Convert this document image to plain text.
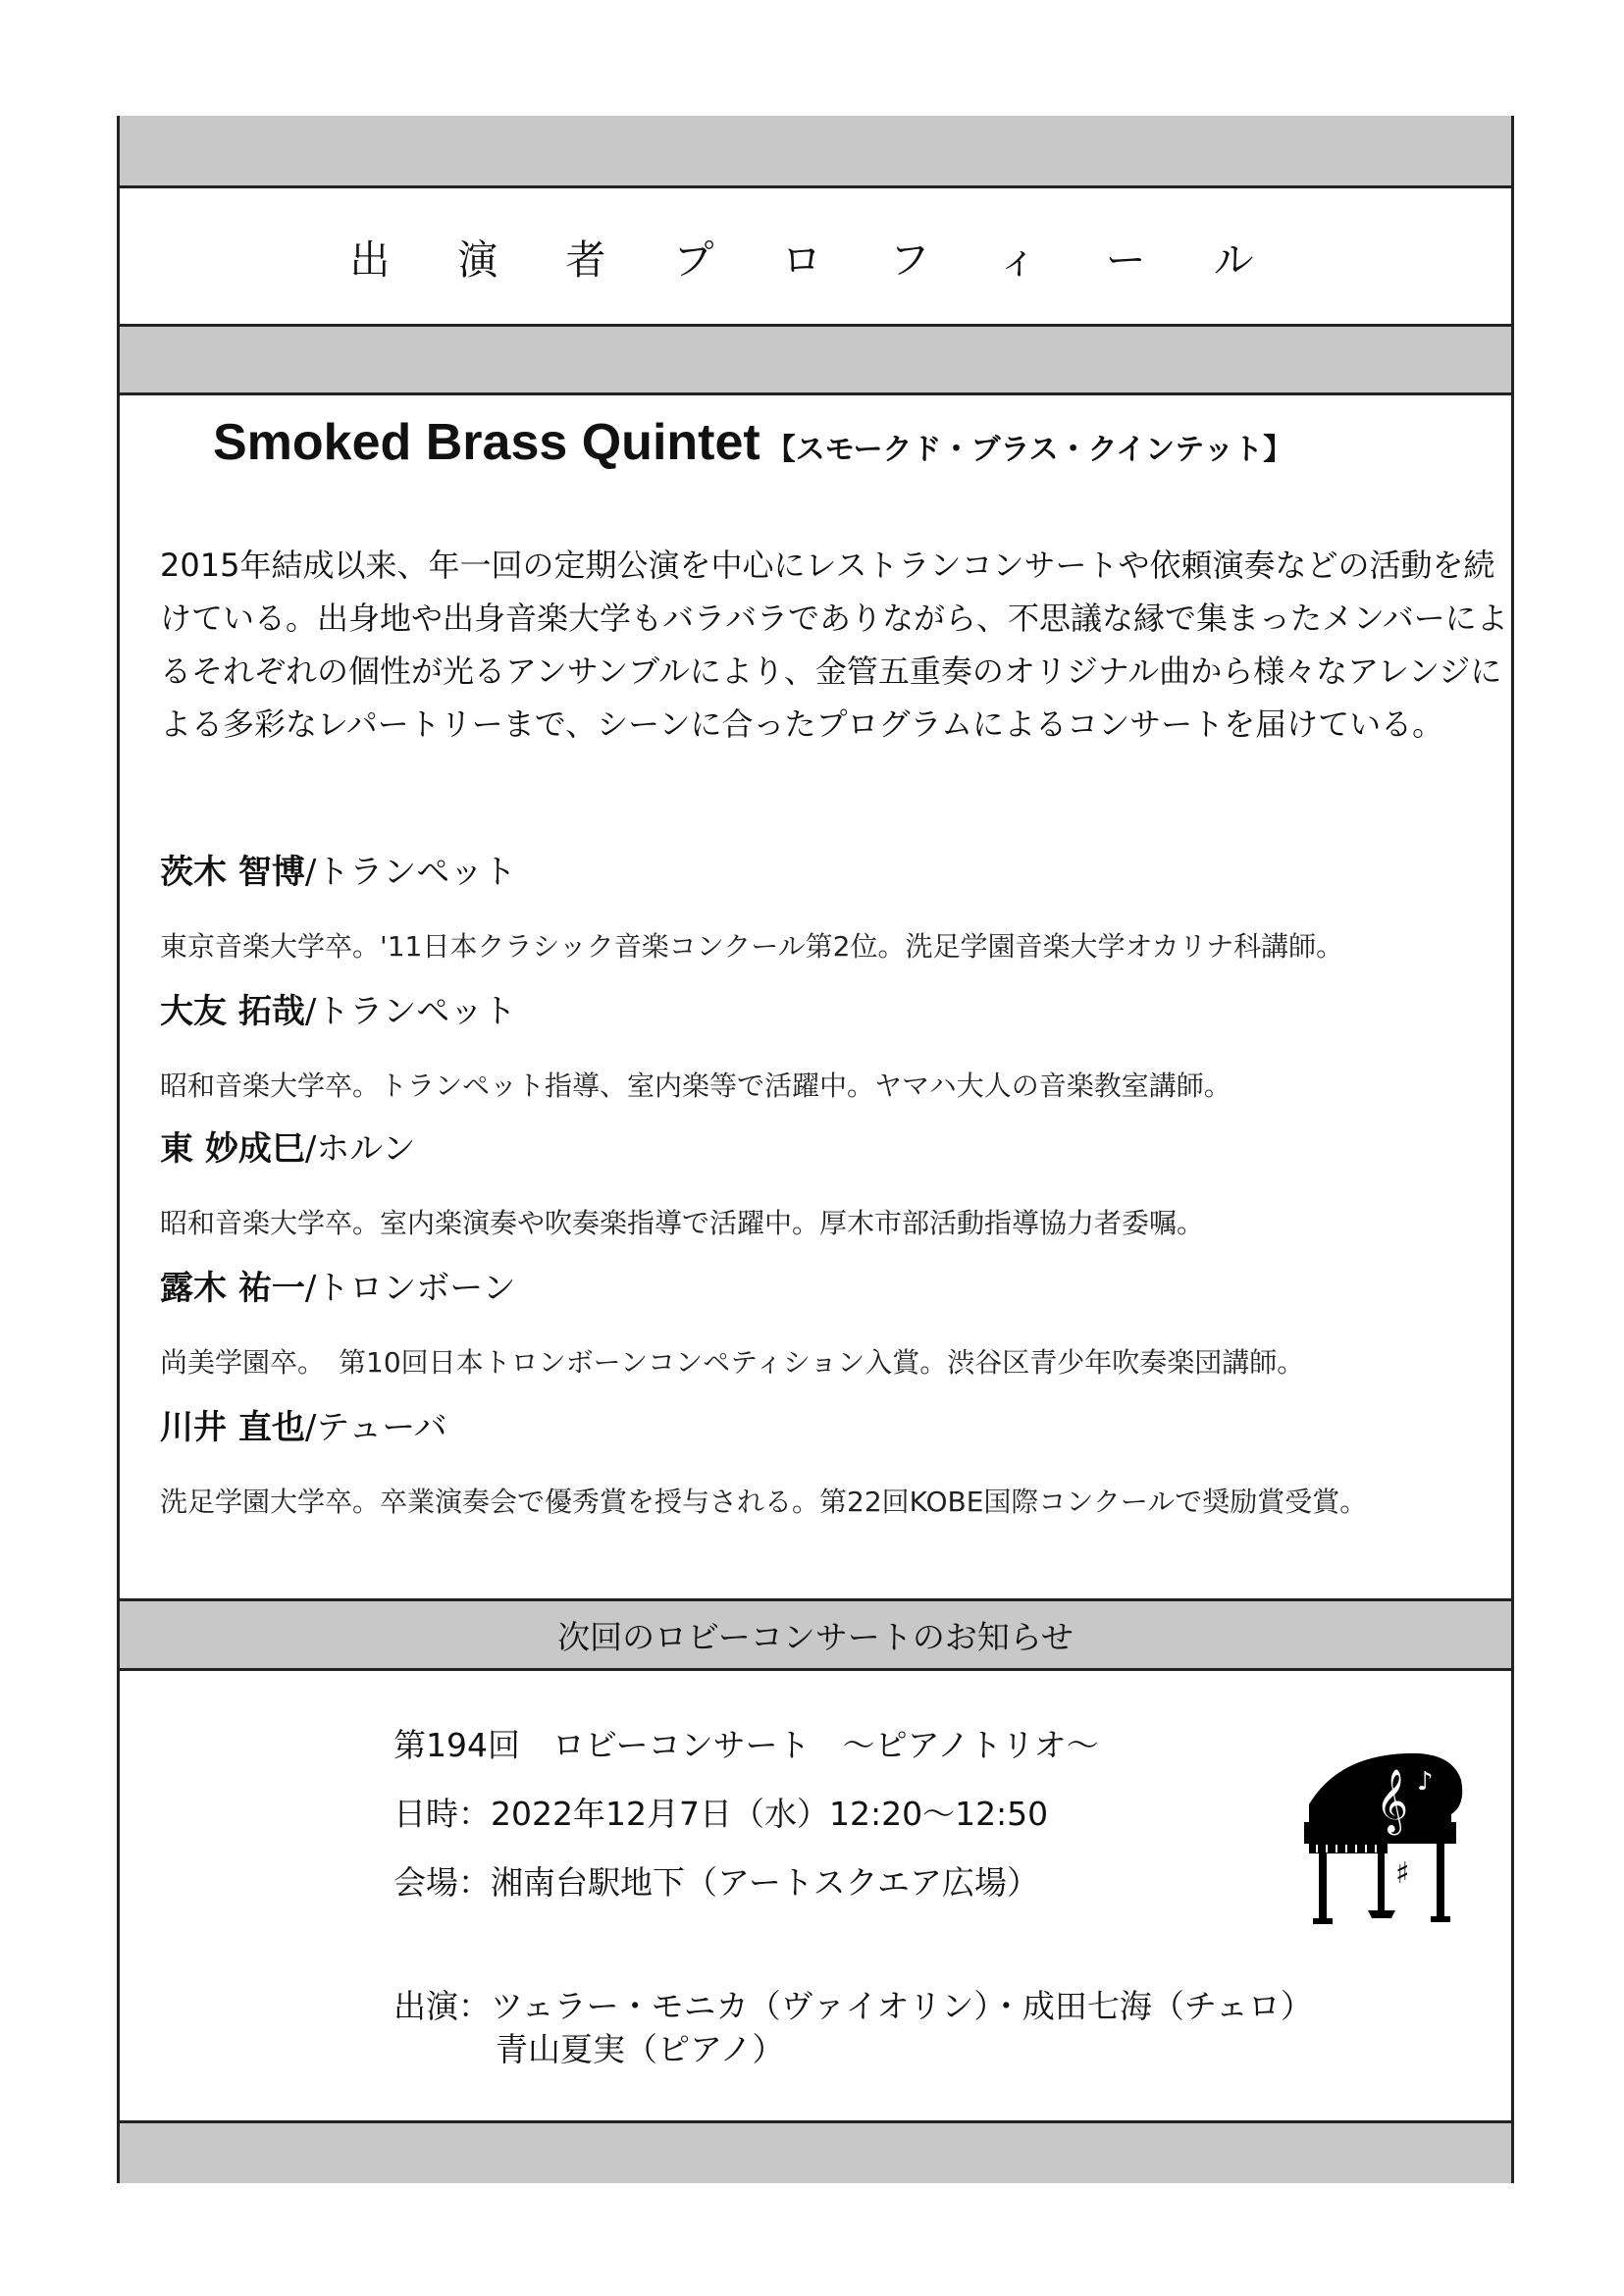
出 演 者 プ ロ フ ィ ー ル
Smoked Brass Quintet 【スモークド・ブラス・クインテット】
2015年結成以来、年一回の定期公演を中心にレストランコンサートや依頼演奏などの活動を続
けている。出身地や出身音楽大学もバラバラでありながら、不思議な縁で集まったメンバーによ
るそれぞれの個性が光るアンサンブルにより、金管五重奏のオリジナル曲から様々なアレンジに
よる多彩なレパートリーまで、シーンに合ったプログラムによるコンサートを届けている。
茨木 智博/トランペット
東京音楽大学卒。'11日本クラシック音楽コンクール第2位。洗足学園音楽大学オカリナ科講師。
大友 拓哉/トランペット
昭和音楽大学卒。トランペット指導、室内楽等で活躍中。ヤマハ大人の音楽教室講師。
東 妙成巳/ホルン
昭和音楽大学卒。室内楽演奏や吹奏楽指導で活躍中。厚木市部活動指導協力者委嘱。
露木 祐一/トロンボーン
尚美学園卒。　第10回日本トロンボーンコンペティション入賞。渋谷区青少年吹奏楽団講師。
川井 直也/テューバ
洗足学園大学卒。卒業演奏会で優秀賞を授与される。第22回KOBE国際コンクールで奨励賞受賞。
次回のロビーコンサートのお知らせ
第194回　ロビーコンサート　～ピアノトリオ～
日時：2022年12月7日（水）12:20～12:50
会場：湘南台駅地下（アートスクエア広場）
出演：ツェラー・モニカ（ヴァイオリン）・成田七海（チェロ）
青山夏実（ピアノ）
𝄞 ♪
♯
